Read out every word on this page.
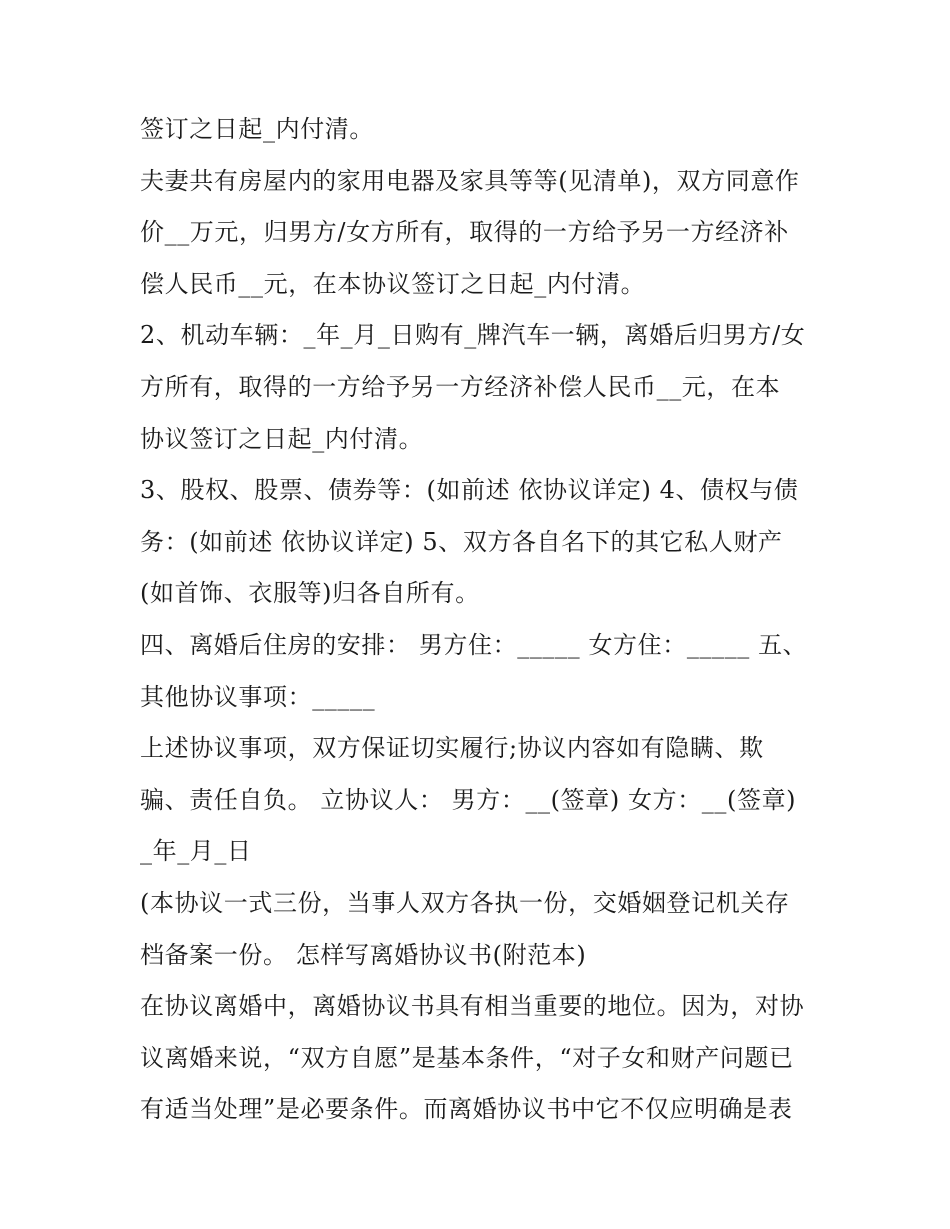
签订之日起_内付清。
夫妻共有房屋内的家用电器及家具等等(见清单)，双方同意作
价__万元，归男方/女方所有，取得的一方给予另一方经济补
偿人民币__元，在本协议签订之日起_内付清。
2、机动车辆：_年_月_日购有_牌汽车一辆，离婚后归男方/女
方所有，取得的一方给予另一方经济补偿人民币__元，在本
协议签订之日起_内付清。
3、股权、股票、债券等：(如前述 依协议详定) 4、债权与债
务：(如前述 依协议详定) 5、双方各自名下的其它私人财产
(如首饰、衣服等)归各自所有。
四、离婚后住房的安排： 男方住：_____ 女方住：_____ 五、
其他协议事项：_____
上述协议事项，双方保证切实履行;协议内容如有隐瞒、欺
骗、责任自负。 立协议人： 男方：__(签章) 女方：__(签章)
_年_月_日
(本协议一式三份，当事人双方各执一份，交婚姻登记机关存
档备案一份。 怎样写离婚协议书(附范本)
在协议离婚中，离婚协议书具有相当重要的地位。因为，对协
议离婚来说，“双方自愿”是基本条件，“对子女和财产问题已
有适当处理”是必要条件。而离婚协议书中它不仅应明确是表
